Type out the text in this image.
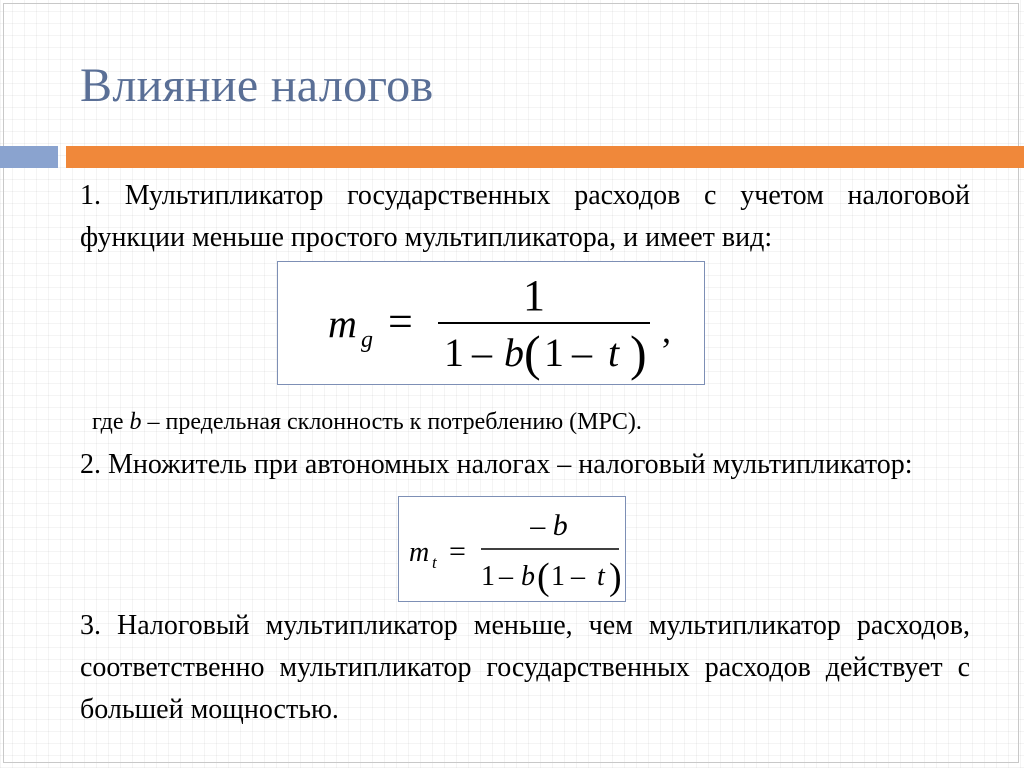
Влияние налогов
1. Мультипликатор государственных расходов с учетом налоговой функции меньше простого мультипликатора, и имеет вид:
m g =
1
1 – b ( 1 – t ) ,
где b – предельная склонность к потреблению (MPC).
2. Множитель при автономных налогах – налоговый мультипликатор:
m t =
– b
1 – b ( 1 – t )
3. Налоговый мультипликатор меньше, чем мультипликатор расходов, соответственно мультипликатор государственных расходов действует с большей мощностью.
